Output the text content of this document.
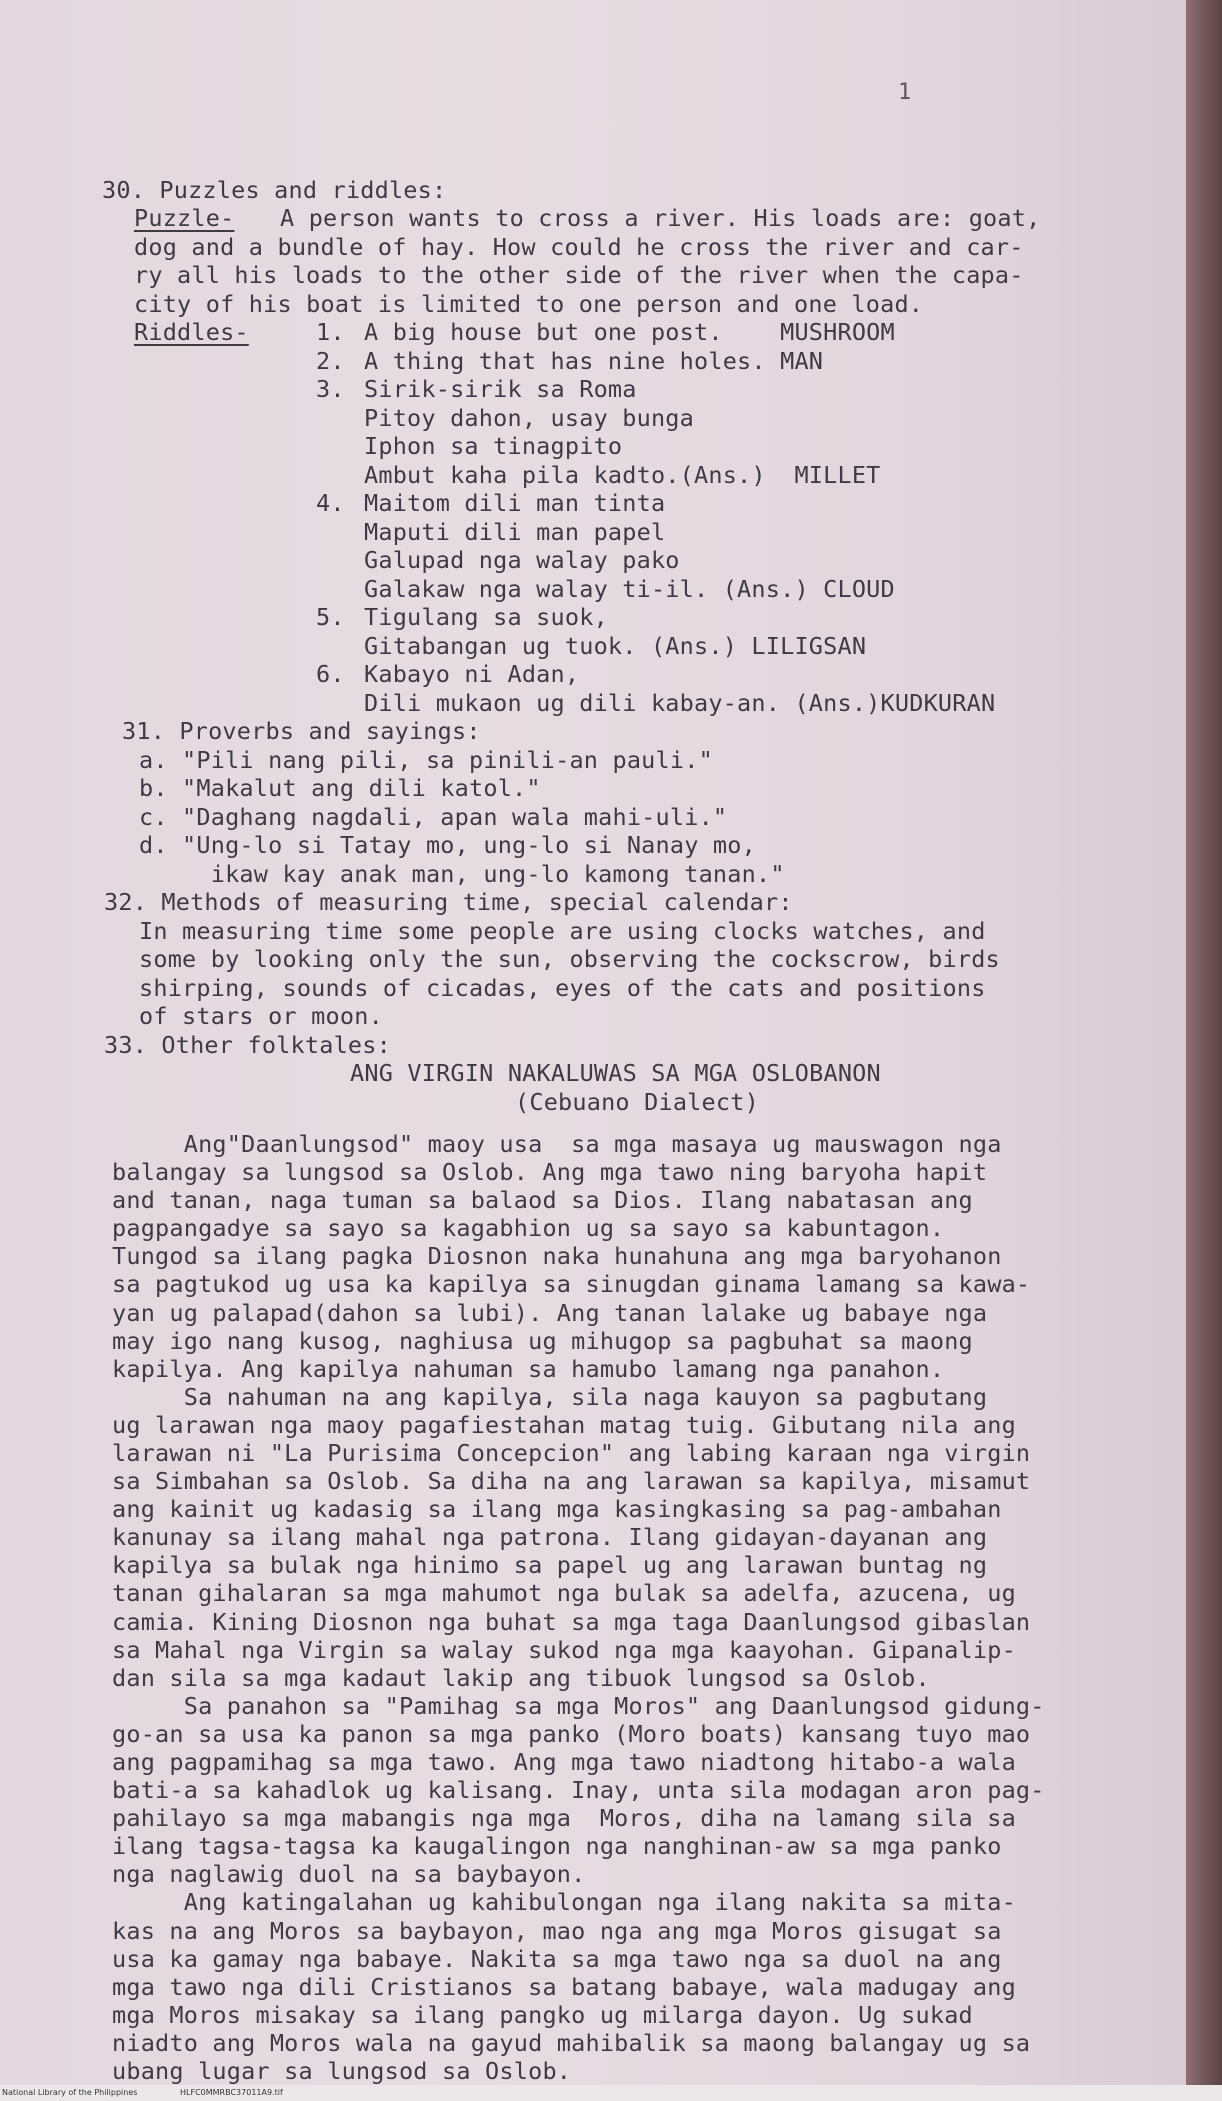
1

30. Puzzles and riddles:

Puzzle-

A person wants to cross a river. His loads are: goat,

dog and a bundle of hay. How could he cross the river and car-

ry all his loads to the other side of the river when the capa-

city of his boat is limited to one person and one load.

Riddles-

	1.

A big house but one post.    MUSHROOM

2.

A thing that has nine holes. MAN

3.

Sirik-sirik sa Roma

Pitoy dahon, usay bunga

Iphon sa tinagpito

Ambut kaha pila kadto.(Ans.)  MILLET

4.

Maitom dili man tinta

Maputi dili man papel

Galupad nga walay pako

Galakaw nga walay ti-il. (Ans.) CLOUD

5.

Tigulang sa suok,

Gitabangan ug tuok. (Ans.) LILIGSAN

6.

Kabayo ni Adan,

Dili mukaon ug dili kabay-an. (Ans.)KUDKURAN

31. Proverbs and sayings:

a. "Pili nang pili, sa pinili-an pauli."

b. "Makalut ang dili katol."

c. "Daghang nagdali, apan wala mahi-uli."

d. "Ung-lo si Tatay mo, ung-lo si Nanay mo,

ikaw kay anak man, ung-lo kamong tanan."

32. Methods of measuring time, special calendar:

In measuring time some people are using clocks watches, and

some by looking only the sun, observing the cockscrow, birds

shirping, sounds of cicadas, eyes of the cats and positions

of stars or moon.

33. Other folktales:

ANG VIRGIN NAKALUWAS SA MGA OSLOBANON

(Cebuano Dialect)

Ang"Daanlungsod" maoy usa  sa mga masaya ug mauswagon nga

balangay sa lungsod sa Oslob. Ang mga tawo ning baryoha hapit

and tanan, naga tuman sa balaod sa Dios. Ilang nabatasan ang

pagpangadye sa sayo sa kagabhion ug sa sayo sa kabuntagon.

Tungod sa ilang pagka Diosnon naka hunahuna ang mga baryohanon

sa pagtukod ug usa ka kapilya sa sinugdan ginama lamang sa kawa-

yan ug palapad(dahon sa lubi). Ang tanan lalake ug babaye nga

may igo nang kusog, naghiusa ug mihugop sa pagbuhat sa maong

kapilya. Ang kapilya nahuman sa hamubo lamang nga panahon.

Sa nahuman na ang kapilya, sila naga kauyon sa pagbutang

ug larawan nga maoy pagafiestahan matag tuig. Gibutang nila ang

larawan ni "La Purisima Concepcion" ang labing karaan nga virgin

sa Simbahan sa Oslob. Sa diha na ang larawan sa kapilya, misamut

ang kainit ug kadasig sa ilang mga kasingkasing sa pag-ambahan

kanunay sa ilang mahal nga patrona. Ilang gidayan-dayanan ang

kapilya sa bulak nga hinimo sa papel ug ang larawan buntag ng

tanan gihalaran sa mga mahumot nga bulak sa adelfa, azucena, ug

camia. Kining Diosnon nga buhat sa mga taga Daanlungsod gibaslan

sa Mahal nga Virgin sa walay sukod nga mga kaayohan. Gipanalip-

dan sila sa mga kadaut lakip ang tibuok lungsod sa Oslob.

Sa panahon sa "Pamihag sa mga Moros" ang Daanlungsod gidung-

go-an sa usa ka panon sa mga panko (Moro boats) kansang tuyo mao

ang pagpamihag sa mga tawo. Ang mga tawo niadtong hitabo-a wala

bati-a sa kahadlok ug kalisang. Inay, unta sila modagan aron pag-

pahilayo sa mga mabangis nga mga  Moros, diha na lamang sila sa

ilang tagsa-tagsa ka kaugalingon nga nanghinan-aw sa mga panko

nga naglawig duol na sa baybayon.

Ang katingalahan ug kahibulongan nga ilang nakita sa mita-

kas na ang Moros sa baybayon, mao nga ang mga Moros gisugat sa

usa ka gamay nga babaye. Nakita sa mga tawo nga sa duol na ang

mga tawo nga dili Cristianos sa batang babaye, wala madugay ang

mga Moros misakay sa ilang pangko ug milarga dayon. Ug sukad

niadto ang Moros wala na gayud mahibalik sa maong balangay ug sa

ubang lugar sa lungsod sa Oslob.

National Library of the Philippines	HLFC0MMRBC37011A9.tif
